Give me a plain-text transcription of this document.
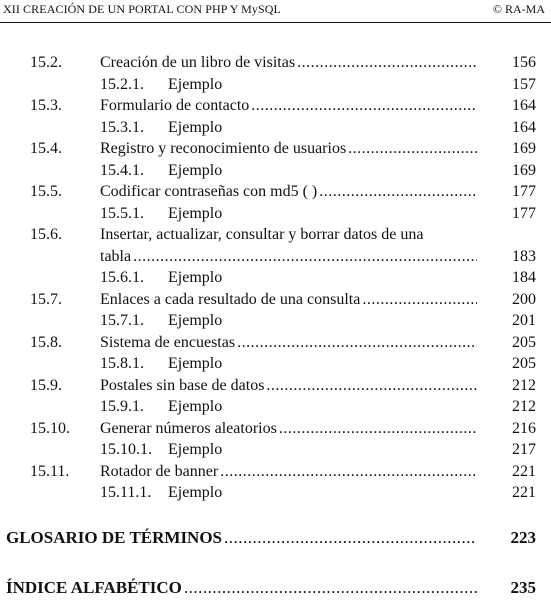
XII CREACIÓN DE UN PORTAL CON PHP Y MySQL	© RA-MA
15.2. Creación de un libro de visitas .....	156
15.2.1. Ejemplo	157
15.3. Formulario de contacto .....	164
15.3.1. Ejemplo	164
15.4. Registro y reconocimiento de usuarios .....	169
15.4.1. Ejemplo	169
15.5. Codificar contraseñas con md5 ( ) .....	177
15.5.1. Ejemplo	177
15.6. Insertar, actualizar, consultar y borrar datos de una
tabla .....	183
15.6.1. Ejemplo	184
15.7. Enlaces a cada resultado de una consulta .....	200
15.7.1. Ejemplo	201
15.8. Sistema de encuestas .....	205
15.8.1. Ejemplo	205
15.9. Postales sin base de datos .....	212
15.9.1. Ejemplo	212
15.10. Generar números aleatorios .....	216
15.10.1. Ejemplo	217
15.11. Rotador de banner .....	221
15.11.1. Ejemplo	221
GLOSARIO DE TÉRMINOS .....	223
ÍNDICE ALFABÉTICO .....	235
